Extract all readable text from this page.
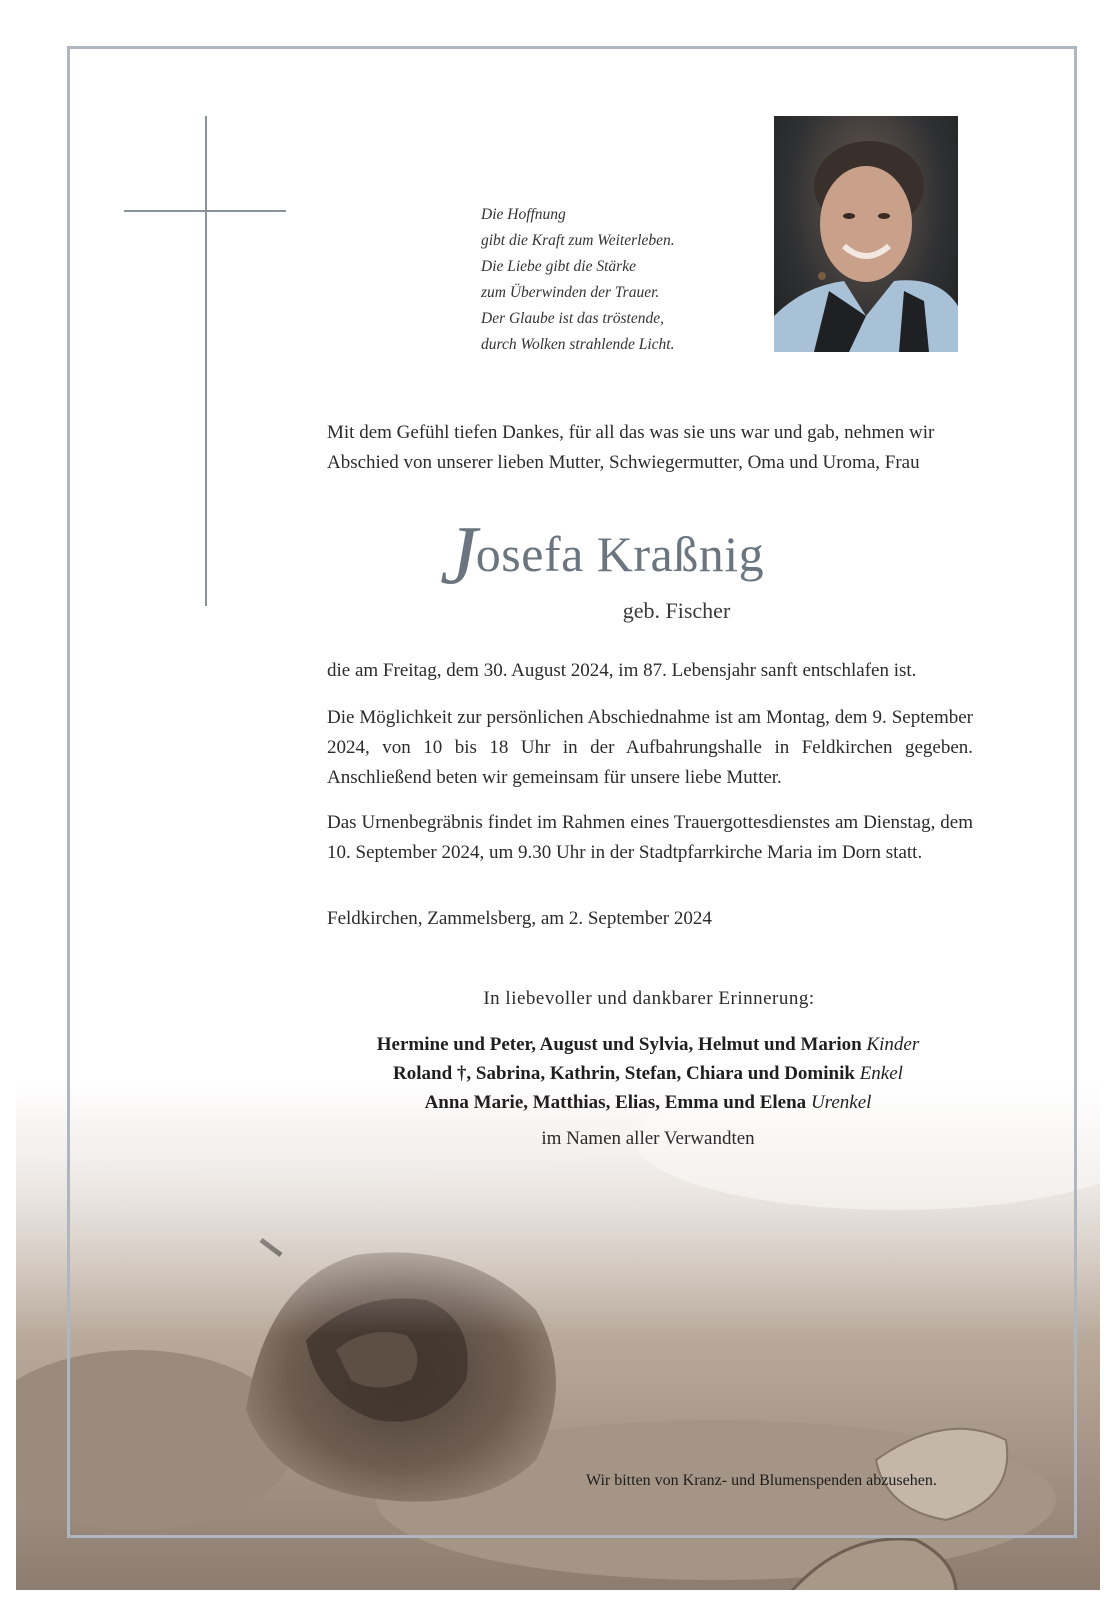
Die Hoffnung
gibt die Kraft zum Weiterleben.
Die Liebe gibt die Stärke
zum Überwinden der Trauer.
Der Glaube ist das tröstende,
durch Wolken strahlende Licht.
Mit dem Gefühl tiefen Dankes, für all das was sie uns war und gab, nehmen wir
Abschied von unserer lieben Mutter, Schwiegermutter, Oma und Uroma, Frau
Josefa Kraßnig
geb. Fischer
die am Freitag, dem 30. August 2024, im 87. Lebensjahr sanft entschlafen ist.
Die Möglichkeit zur persönlichen Abschiednahme ist am Montag, dem 9. September 2024, von 10 bis 18 Uhr in der Aufbahrungshalle in Feldkirchen gegeben. Anschließend beten wir gemeinsam für unsere liebe Mutter.
Das Urnenbegräbnis findet im Rahmen eines Trauergottesdienstes am Dienstag, dem 10. September 2024, um 9.30 Uhr in der Stadtpfarrkirche Maria im Dorn statt.
Feldkirchen, Zammelsberg, am 2. September 2024
In liebevoller und dankbarer Erinnerung:
Hermine und Peter, August und Sylvia, Helmut und Marion Kinder
Roland †, Sabrina, Kathrin, Stefan, Chiara und Dominik Enkel
Anna Marie, Matthias, Elias, Emma und Elena Urenkel
im Namen aller Verwandten
Wir bitten von Kranz- und Blumenspenden abzusehen.
